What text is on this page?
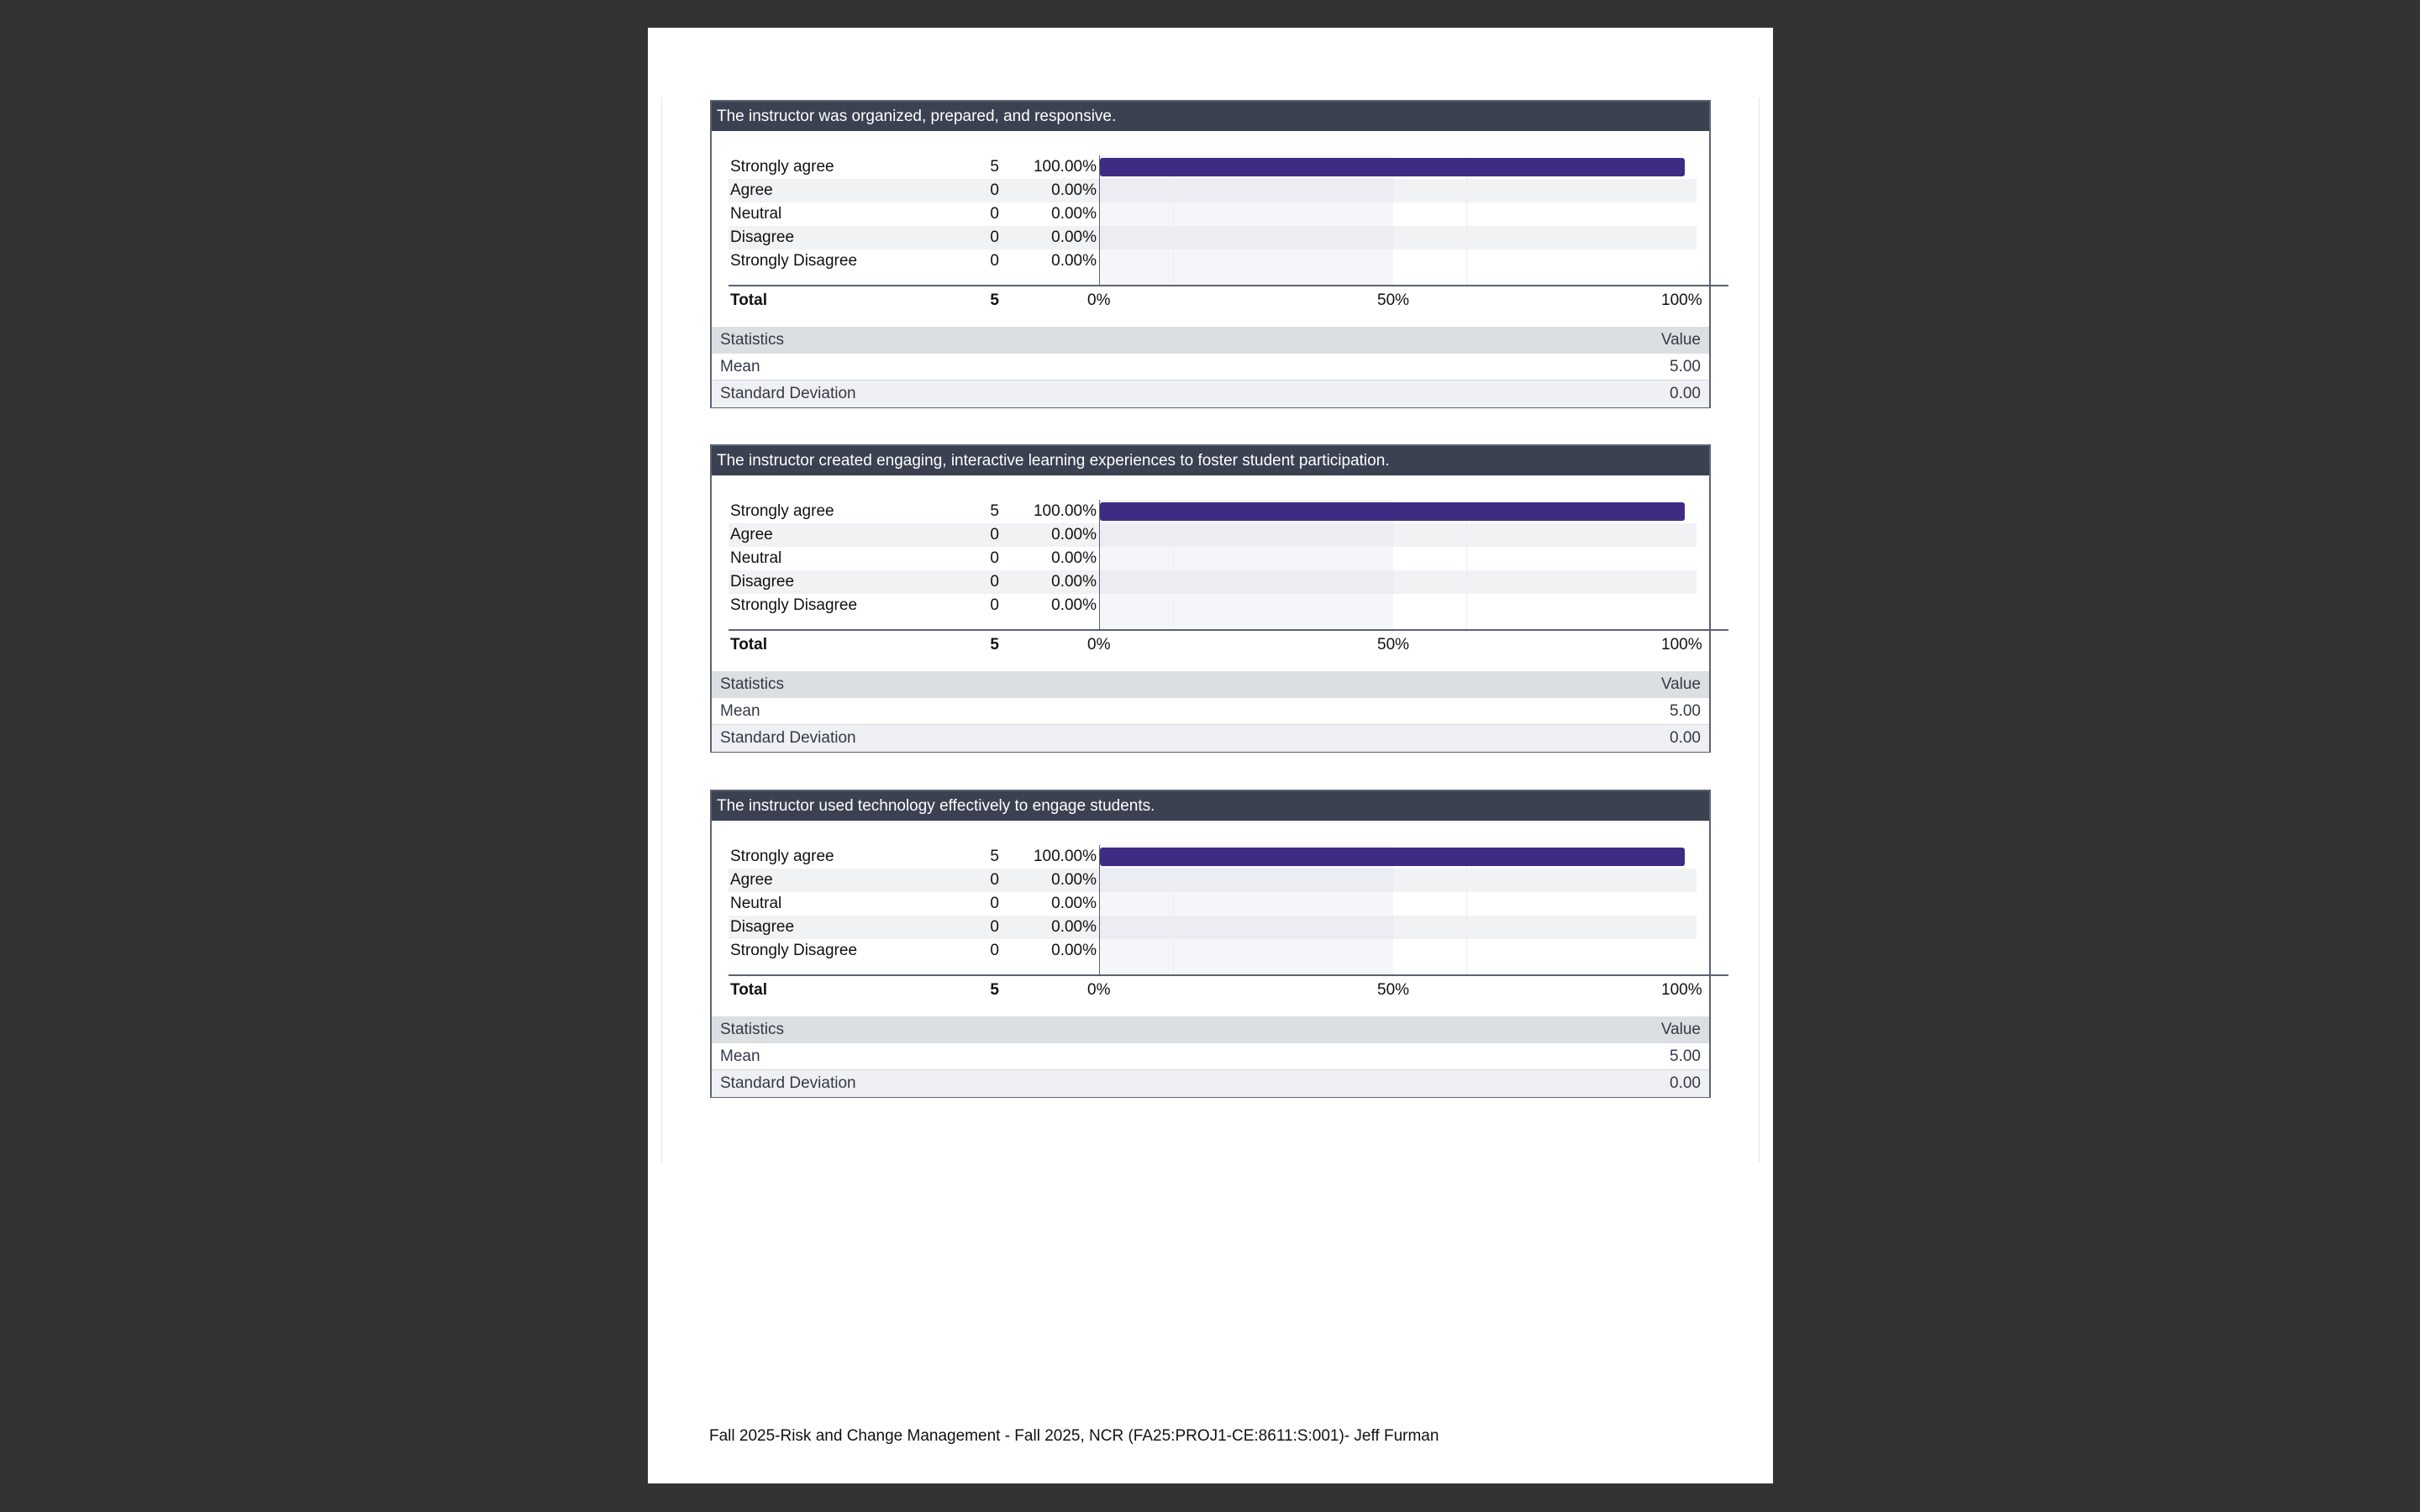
The instructor was organized, prepared, and responsive.
Strongly agree	5	100.00%
Agree	0	0.00%
Neutral	0	0.00%
Disagree	0	0.00%
Strongly Disagree	0	0.00%
Total	5	0%	50%	100%
Statistics	Value
Mean	5.00
Standard Deviation	0.00
The instructor created engaging, interactive learning experiences to foster student participation.
Strongly agree	5	100.00%
Agree	0	0.00%
Neutral	0	0.00%
Disagree	0	0.00%
Strongly Disagree	0	0.00%
Total	5	0%	50%	100%
Statistics	Value
Mean	5.00
Standard Deviation	0.00
The instructor used technology effectively to engage students.
Strongly agree	5	100.00%
Agree	0	0.00%
Neutral	0	0.00%
Disagree	0	0.00%
Strongly Disagree	0	0.00%
Total	5	0%	50%	100%
Statistics	Value
Mean	5.00
Standard Deviation	0.00
Fall 2025-Risk and Change Management - Fall 2025, NCR (FA25:PROJ1-CE:8611:S:001)- Jeff Furman
